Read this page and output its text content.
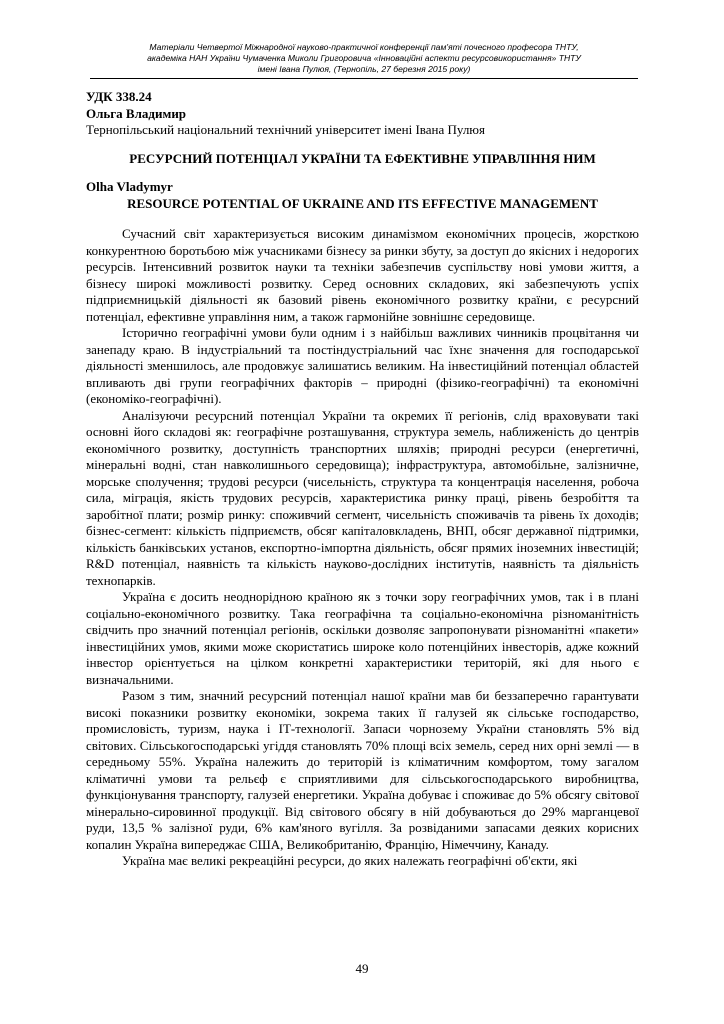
Матеріали Четвертої Міжнародної науково-практичної конференції пам'яті почесного професора ТНТУ,
академіка НАН України Чумаченка Миколи Григоровича «Інноваційні аспекти ресурсовикористання» ТНТУ
імені Івана Пулюя, (Тернопіль, 27 березня 2015 року)
УДК 338.24
Ольга Владимир
Тернопільський національний технічний університет імені Івана Пулюя
РЕСУРСНИЙ ПОТЕНЦІАЛ УКРАЇНИ ТА ЕФЕКТИВНЕ УПРАВЛІННЯ НИМ
Olha Vladymyr
RESOURCE POTENTIAL OF UKRAINE AND ITS EFFECTIVE MANAGEMENT

Сучасний світ характеризується високим динамізмом економічних процесів, жорсткою конкурентною боротьбою між учасниками бізнесу за ринки збуту, за доступ до якісних і недорогих ресурсів. Інтенсивний розвиток науки та техніки забезпечив суспільству нові умови життя, а бізнесу широкі можливості розвитку. Серед основних складових, які забезпечують успіх підприємницькій діяльності як базовий рівень економічного розвитку країни, є ресурсний потенціал, ефективне управління ним, а також гармонійне зовнішнє середовище.

Історично географічні умови були одним і з найбільш важливих чинників процвітання чи занепаду краю. В індустріальний та постіндустріальний час їхнє значення для господарської діяльності зменшилось, але продовжує залишатись великим. На інвестиційний потенціал областей впливають дві групи географічних факторів – природні (фізико-географічні) та економічні (економіко-географічні).

Аналізуючи ресурсний потенціал України та окремих її регіонів, слід враховувати такі основні його складові як: географічне розташування, структура земель, наближеність до центрів економічного розвитку, доступність транспортних шляхів; природні ресурси (енергетичні, мінеральні водні, стан навколишнього середовища); інфраструктура, автомобільне, залізничне, морське сполучення; трудові ресурси (чисельність, структура та концентрація населення, робоча сила, міграція, якість трудових ресурсів, характеристика ринку праці, рівень безробіття та заробітної плати; розмір ринку: споживчий сегмент, чисельність споживачів та рівень їх доходів; бізнес-сегмент: кількість підприємств, обсяг капіталовкладень, ВНП, обсяг державної підтримки, кількість банківських установ, експортно-імпортна діяльність, обсяг прямих іноземних інвестицій; R&D потенціал, наявність та кількість науково-дослідних інститутів, наявність та діяльність технопарків.

Україна є досить неоднорідною країною як з точки зору географічних умов, так і в плані соціально-економічного розвитку. Така географічна та соціально-економічна різноманітність свідчить про значний потенціал регіонів, оскільки дозволяє запропонувати різноманітні «пакети» інвестиційних умов, якими може скористатись широке коло потенційних інвесторів, адже кожний інвестор орієнтується на цілком конкретні характеристики територій, які для нього є визначальними.

Разом з тим, значний ресурсний потенціал нашої країни мав би беззаперечно гарантувати високі показники розвитку економіки, зокрема таких її галузей як сільське господарство, промисловість, туризм, наука і ІТ-технології. Запаси чорнозему України становлять 5% від світових. Сільськогосподарські угіддя становлять 70% площі всіх земель, серед них орні землі — в середньому 55%. Україна належить до територій із кліматичним комфортом, тому загалом кліматичні умови та рельєф є сприятливими для сільськогосподарського виробництва, функціонування транспорту, галузей енергетики. Україна добуває і споживає до 5% обсягу світової мінерально-сировинної продукції. Від світового обсягу в ній добуваються до 29% марганцевої руди, 13,5 % залізної руди, 6% кам'яного вугілля. За розвіданими запасами деяких корисних копалин Україна випереджає США, Великобританію, Францію, Німеччину, Канаду.

Україна має великі рекреаційні ресурси, до яких належать географічні об'єкти, які

49
